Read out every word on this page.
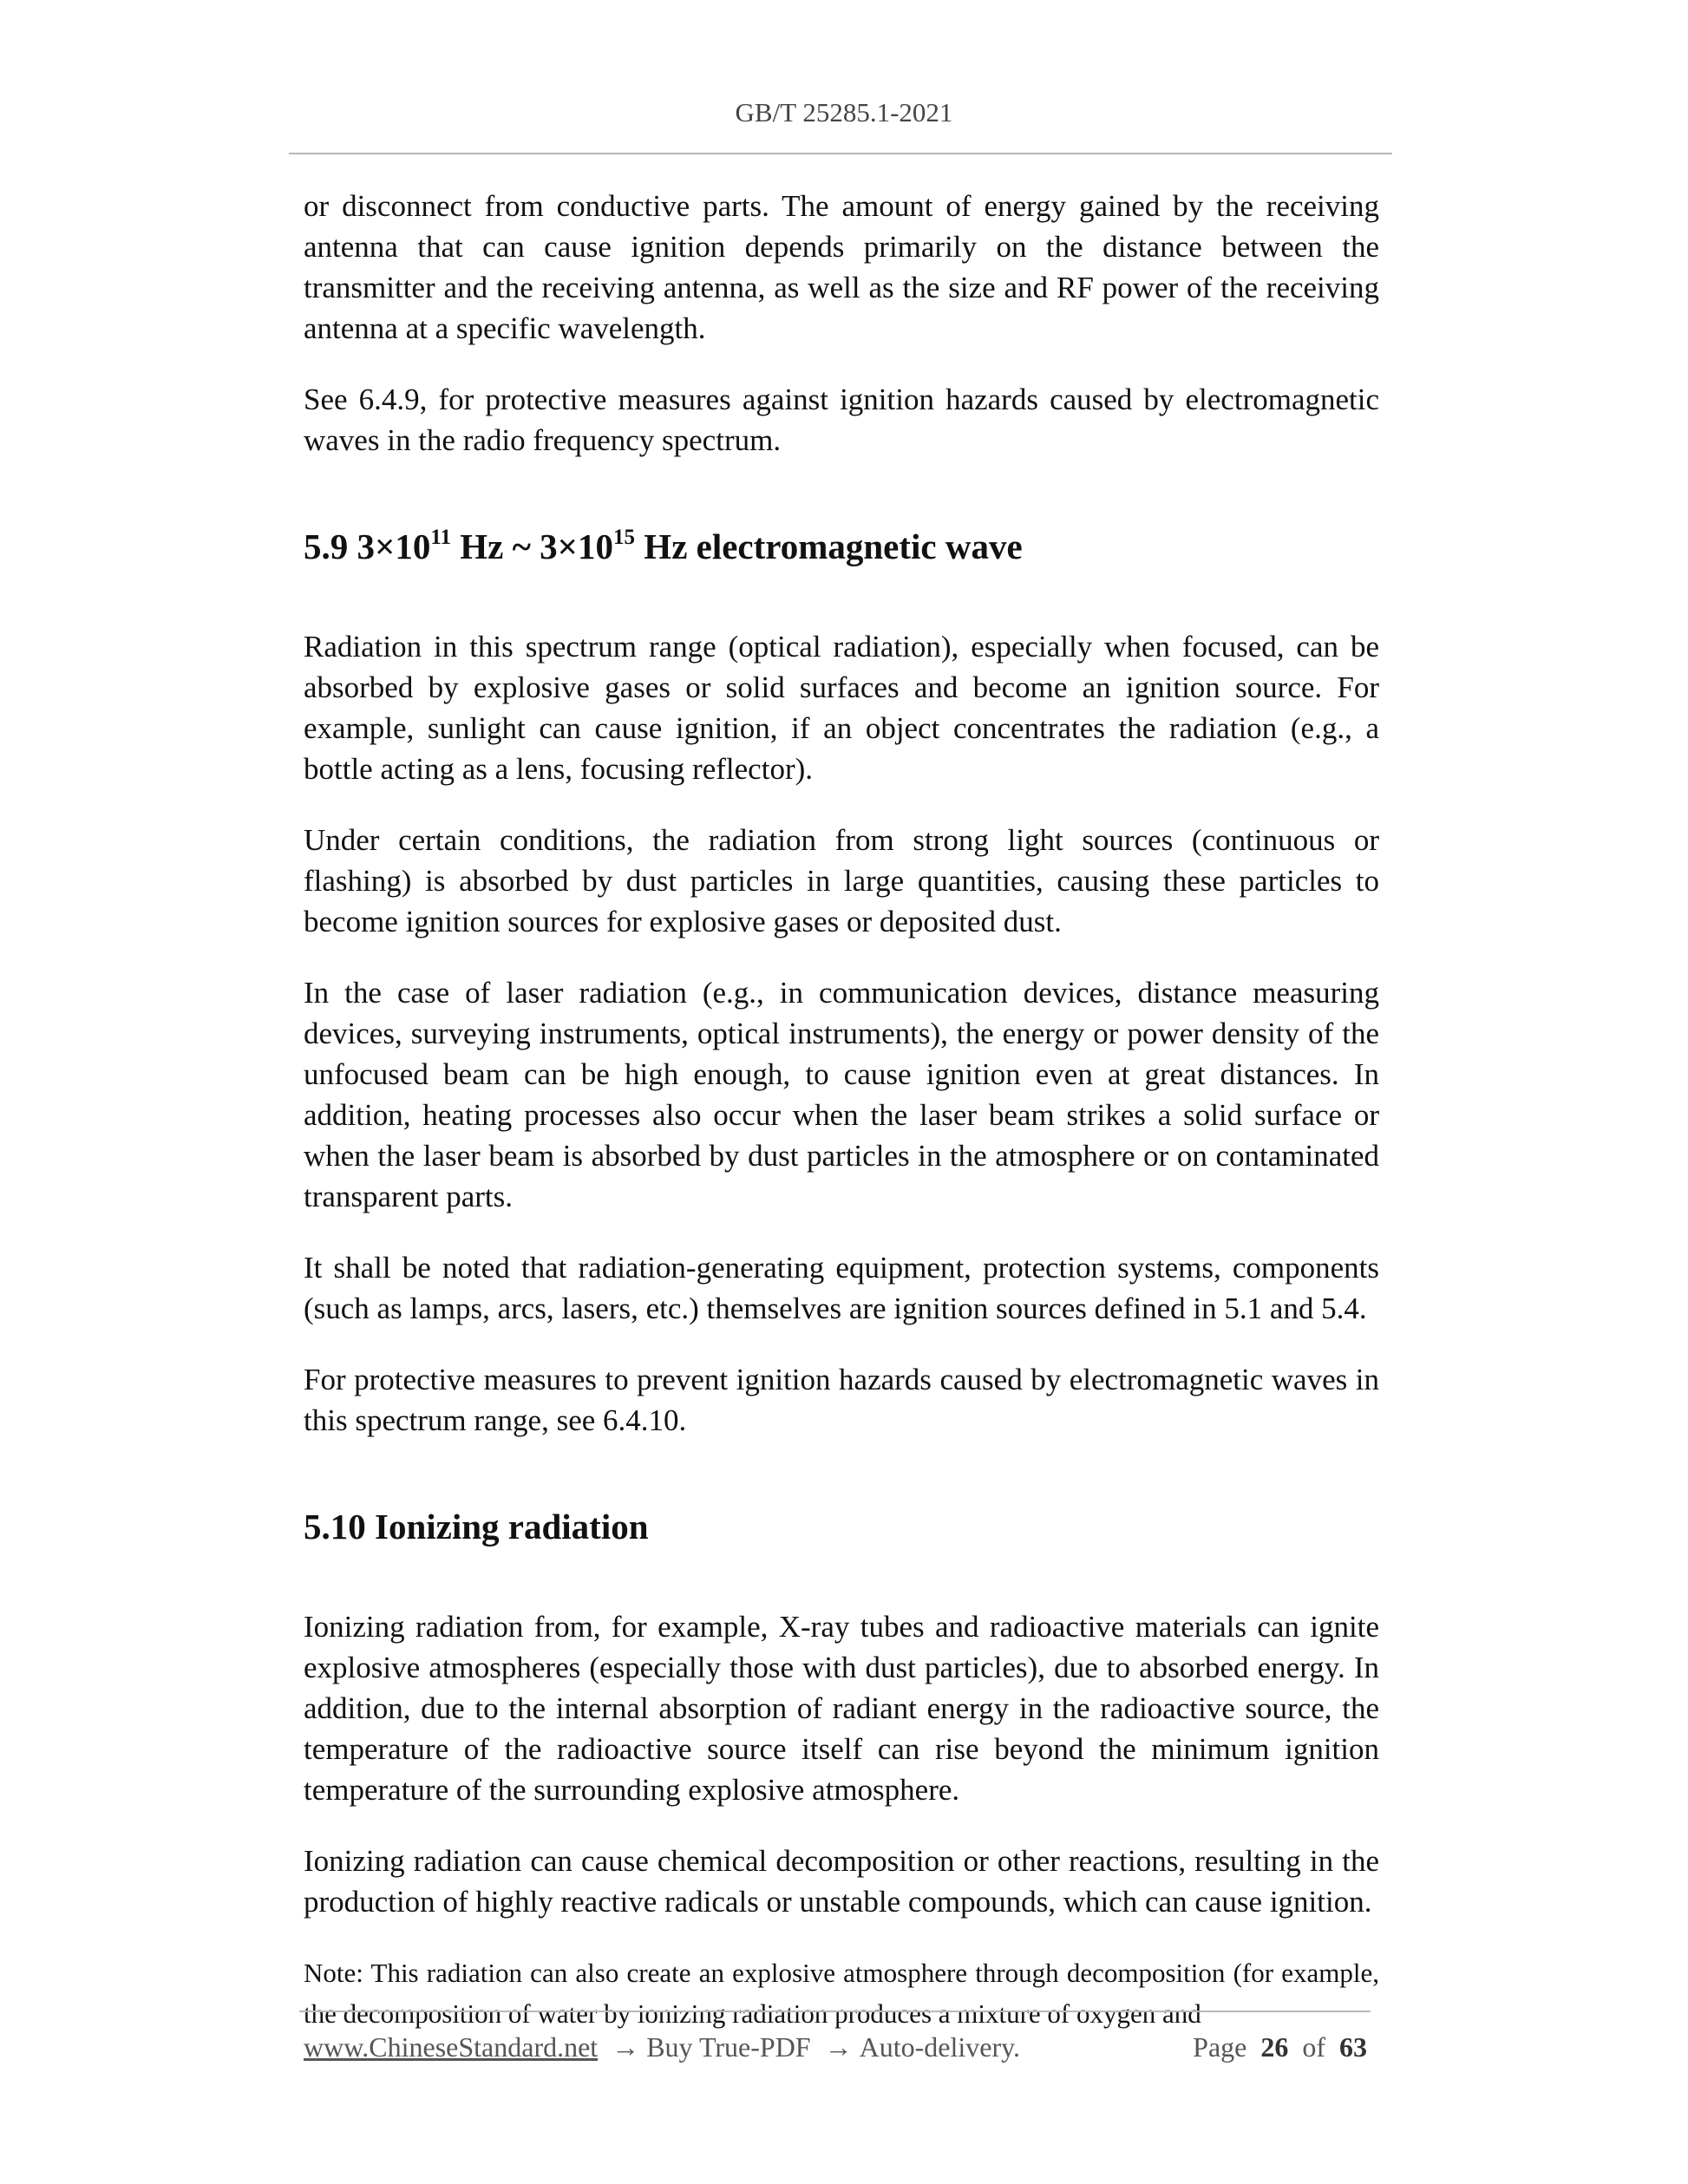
GB/T 25285.1-2021

or disconnect from conductive parts. The amount of energy gained by the receiving antenna that can cause ignition depends primarily on the distance between the transmitter and the receiving antenna, as well as the size and RF power of the receiving antenna at a specific wavelength.

See 6.4.9, for protective measures against ignition hazards caused by electromagnetic waves in the radio frequency spectrum.

5.9 $3\times 10^{11}$ Hz ~ $3\times 10^{15}$ Hz electromagnetic wave

Radiation in this spectrum range (optical radiation), especially when focused, can be absorbed by explosive gases or solid surfaces and become an ignition source. For example, sunlight can cause ignition, if an object concentrates the radiation (e.g., a bottle acting as a lens, focusing reflector).

Under certain conditions, the radiation from strong light sources (continuous or flashing) is absorbed by dust particles in large quantities, causing these particles to become ignition sources for explosive gases or deposited dust.

In the case of laser radiation (e.g., in communication devices, distance measuring devices, surveying instruments, optical instruments), the energy or power density of the unfocused beam can be high enough, to cause ignition even at great distances. In addition, heating processes also occur when the laser beam strikes a solid surface or when the laser beam is absorbed by dust particles in the atmosphere or on contaminated transparent parts.

It shall be noted that radiation-generating equipment, protection systems, components (such as lamps, arcs, lasers, etc.) themselves are ignition sources defined in 5.1 and 5.4.

For protective measures to prevent ignition hazards caused by electromagnetic waves in this spectrum range, see 6.4.10.

5.10 Ionizing radiation

Ionizing radiation from, for example, X-ray tubes and radioactive materials can ignite explosive atmospheres (especially those with dust particles), due to absorbed energy. In addition, due to the internal absorption of radiant energy in the radioactive source, the temperature of the radioactive source itself can rise beyond the minimum ignition temperature of the surrounding explosive atmosphere.

Ionizing radiation can cause chemical decomposition or other reactions, resulting in the production of highly reactive radicals or unstable compounds, which can cause ignition.

Note: This radiation can also create an explosive atmosphere through decomposition (for example, the decomposition of water by ionizing radiation produces a mixture of oxygen and

www.ChineseStandard.net → Buy True-PDF → Auto-delivery.	Page 26 of 63
